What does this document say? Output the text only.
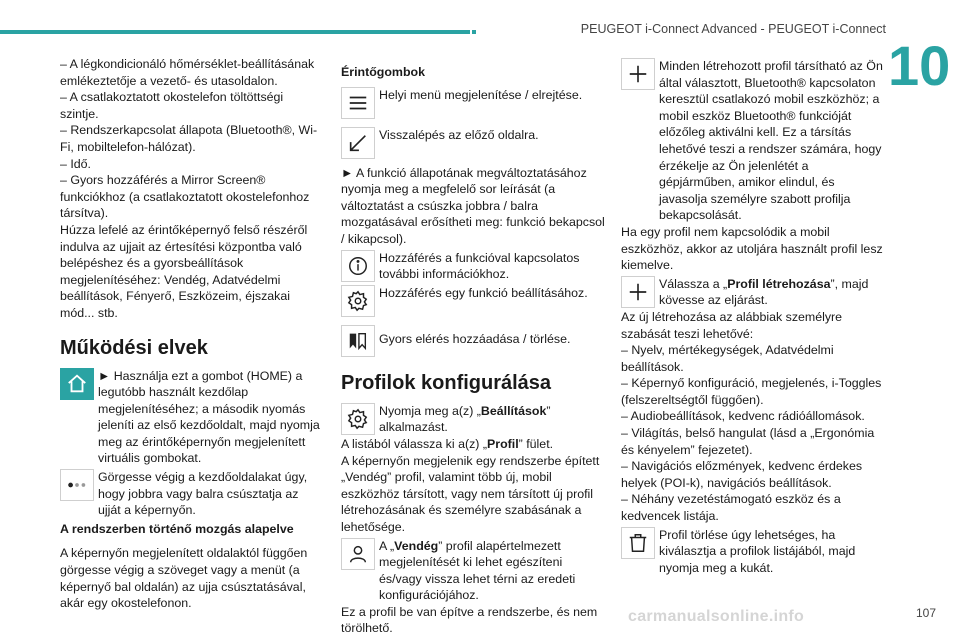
PEUGEOT i-Connect Advanced - PEUGEOT i-Connect
10

– A légkondicionáló hőmérséklet-beállításának emlékeztetője a vezető- és utasoldalon.

– A csatlakoztatott okostelefon töltöttségi szintje.

– Rendszerkapcsolat állapota (Bluetooth®, Wi-Fi, mobiltelefon-hálózat).

– Idő.

– Gyors hozzáférés a Mirror Screen® funkciókhoz (a csatlakoztatott okostelefonhoz társítva).

Húzza lefelé az érintőképernyő felső részéről indulva az ujjait az értesítési központba való belépéshez és a gyorsbeállítások megjelenítéséhez: Vendég, Adatvédelmi beállítások, Fényerő, Eszközeim, éjszakai mód... stb.

Működési elvek

► Használja ezt a gombot (HOME) a legutóbb használt kezdőlap megjelenítéséhez; a második nyomás jeleníti az első kezdőoldalt, majd nyomja meg az érintőképernyőn megjelenített virtuális gombokat.
Görgesse végig a kezdőoldalakat úgy, hogy jobbra vagy balra csúsztatja az ujját a képernyőn.

A rendszerben történő mozgás alapelve

A képernyőn megjelenített oldalaktól függően görgesse végig a szöveget vagy a menüt (a képernyő bal oldalán) az ujja csúsztatásával, akár egy okostelefonon.

Érintőgombok

Helyi menü megjelenítése / elrejtése.
Visszalépés az előző oldalra.

► A funkció állapotának megváltoztatásához nyomja meg a megfelelő sor leírását (a változtatást a csúszka jobbra / balra mozgatásával erősítheti meg: funkció bekapcsol / kikapcsol).

Hozzáférés a funkcióval kapcsolatos további információkhoz.
Hozzáférés egy funkció beállításához.
Gyors elérés hozzáadása / törlése.

Profilok konfigurálása

Nyomja meg a(z) „Beállítások” alkalmazást.

A listából válassza ki a(z) „Profil” fület.

A képernyőn megjelenik egy rendszerbe épített „Vendég” profil, valamint több új, mobil eszközhöz társított, vagy nem társított új profil létrehozásának és személyre szabásának a lehetősége.

A „Vendég” profil alapértelmezett megjelenítését ki lehet egészíteni és/vagy vissza lehet térni az eredeti konfigurációjához.

Ez a profil be van építve a rendszerbe, és nem törölhető.

Minden létrehozott profil társítható az Ön által választott, Bluetooth® kapcsolaton keresztül csatlakozó mobil eszközhöz; a mobil eszköz Bluetooth® funkcióját előzőleg aktiválni kell. Ez a társítás lehetővé teszi a rendszer számára, hogy érzékelje az Ön jelenlétét a gépjárműben, amikor elindul, és javasolja személyre szabott profilja bekapcsolását.

Ha egy profil nem kapcsolódik a mobil eszközhöz, akkor az utoljára használt profil lesz kiemelve.

Válassza a „Profil létrehozása”, majd kövesse az eljárást.

Az új létrehozása az alábbiak személyre szabását teszi lehetővé:

– Nyelv, mértékegységek, Adatvédelmi beállítások.

– Képernyő konfiguráció, megjelenés, i-Toggles (felszereltségtől függően).

– Audiobeállítások, kedvenc rádióállomások.

– Világítás, belső hangulat (lásd a „Ergonómia és kényelem” fejezetet).

– Navigációs előzmények, kedvenc érdekes helyek (POI-k), navigációs beállítások.

– Néhány vezetéstámogató eszköz és a kedvencek listája.

Profil törlése úgy lehetséges, ha kiválasztja a profilok listájából, majd nyomja meg a kukát.
carmanualsonline.info	107
